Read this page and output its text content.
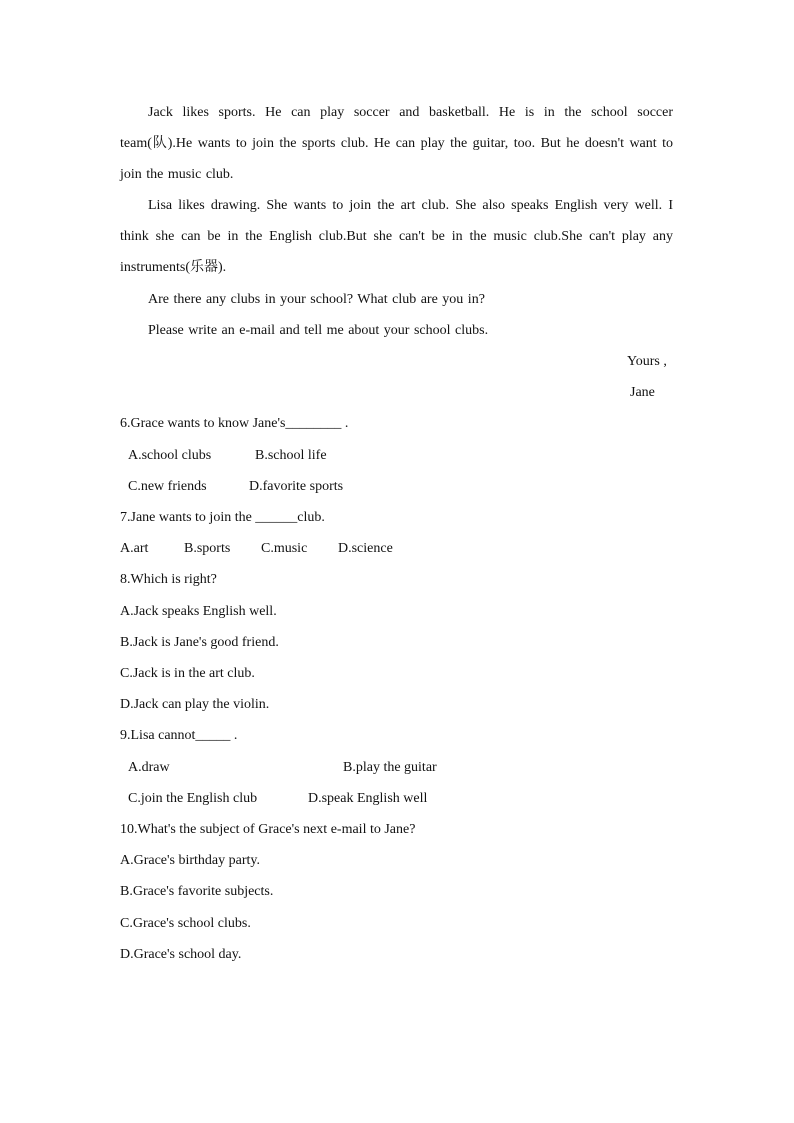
Jack likes sports. He can play soccer and basketball. He is in the school soccer team(队).He wants to join the sports club. He can play the guitar, too. But he doesn't want to join the music club.

Lisa likes drawing. She wants to join the art club. She also speaks English very well. I think she can be in the English club.But she can't be in the music club.She can't play any instruments(乐器).

Are there any clubs in your school? What club are you in?

Please write an e-mail and tell me about your school clubs.

Yours ,
Jane
6.Grace wants to know Jane's________ .
A.school clubs	B.school life
C.new friends	D.favorite sports
7.Jane wants to join the ______club.
A.art	B.sports C.music D.science
8.Which is right?
A.Jack speaks English well.
B.Jack is Jane's good friend.
C.Jack is in the art club.
D.Jack can play the violin.
9.Lisa cannot_____ .
A.draw	B.play the guitar
C.join the English club	D.speak English well
10.What's the subject of Grace's next e-mail to Jane?
A.Grace's birthday party.
B.Grace's favorite subjects.
C.Grace's school clubs.
D.Grace's school day.
